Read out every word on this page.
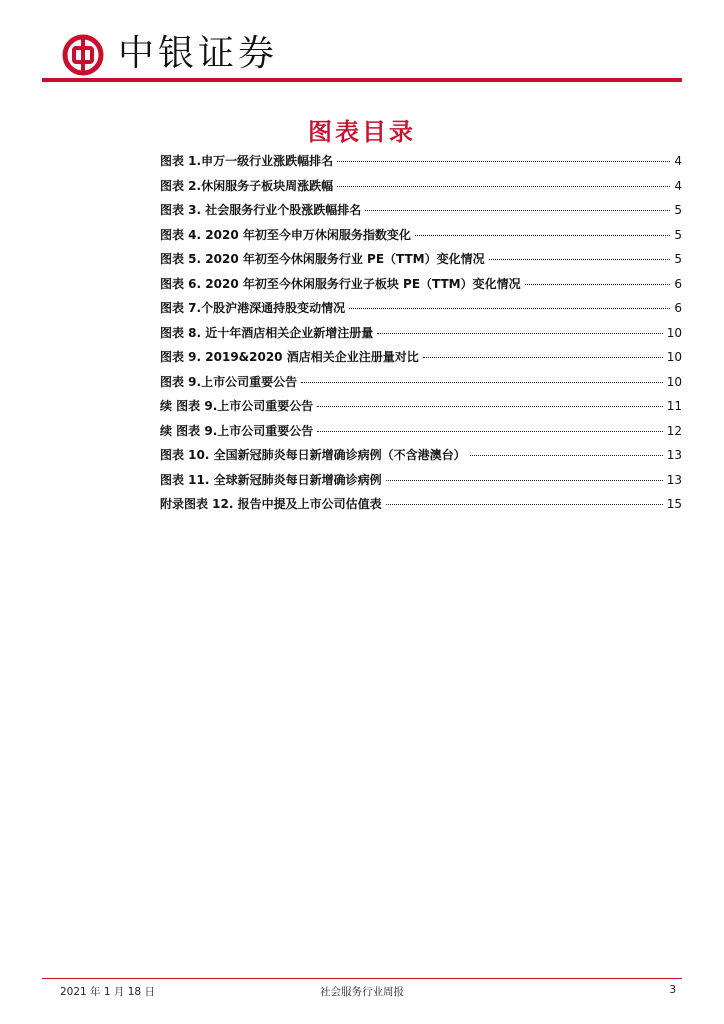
中银证券
图表目录
图表 1.申万一级行业涨跌幅排名	4
图表 2.休闲服务子板块周涨跌幅	4
图表 3. 社会服务行业个股涨跌幅排名	5
图表 4. 2020 年初至今申万休闲服务指数变化	5
图表 5. 2020 年初至今休闲服务行业 PE（TTM）变化情况	5
图表 6. 2020 年初至今休闲服务行业子板块 PE（TTM）变化情况	6
图表 7.个股沪港深通持股变动情况	6
图表 8. 近十年酒店相关企业新增注册量	10
图表 9. 2019&2020 酒店相关企业注册量对比	10
图表 9.上市公司重要公告	10
续 图表 9.上市公司重要公告	11
续 图表 9.上市公司重要公告	12
图表 10. 全国新冠肺炎每日新增确诊病例（不含港澳台）	13
图表 11. 全球新冠肺炎每日新增确诊病例	13
附录图表 12. 报告中提及上市公司估值表	15
2021 年 1 月 18 日	社会服务行业周报	3
